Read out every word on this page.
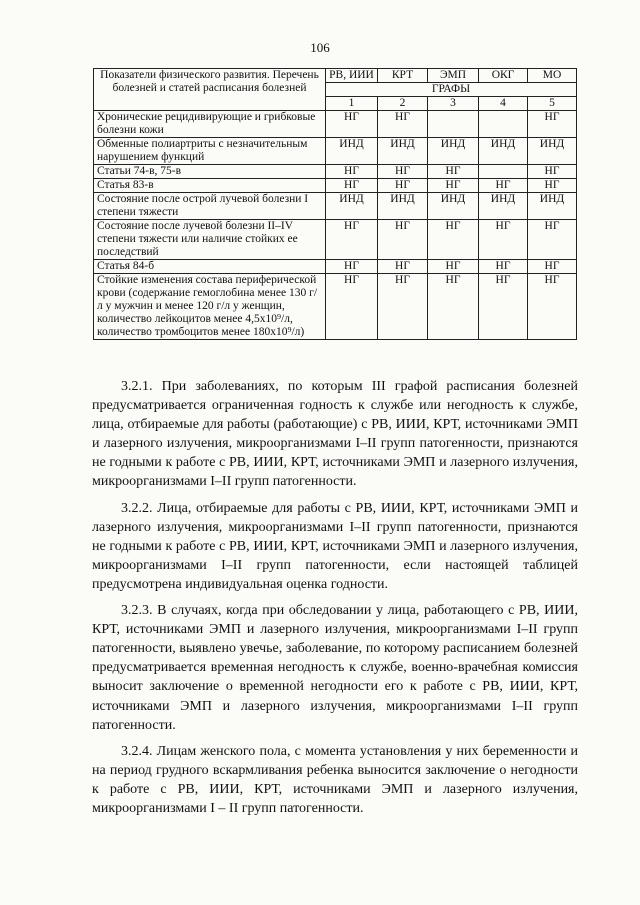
106
Показатели физического развития. Перечень болезней и статей расписания болезней	РВ, ИИИ	КРТ	ЭМП	ОКГ	МО
	ГРАФЫ				
	1	2	3	4	5
Хронические рецидивирующие и грибковые болезни кожи	НГ	НГ			НГ
Обменные полиартриты с незначительным нарушением функций	ИНД	ИНД	ИНД	ИНД	ИНД
Статьи 74-в, 75-в	НГ	НГ	НГ		НГ
Статья 83-в	НГ	НГ	НГ	НГ	НГ
Состояние после острой лучевой болезни I степени тяжести	ИНД	ИНД	ИНД	ИНД	ИНД
Состояние после лучевой болезни II–IV степени тяжести или наличие стойких ее последствий	НГ	НГ	НГ	НГ	НГ
Статья 84-б	НГ	НГ	НГ	НГ	НГ
Стойкие изменения состава периферической крови (содержание гемоглобина менее 130 г/л у мужчин и менее 120 г/л у женщин, количество лейкоцитов менее 4,5х10⁹/л, количество тромбоцитов менее 180х10⁹/л)	НГ	НГ	НГ	НГ	НГ

3.2.1. При заболеваниях, по которым III графой расписания болезней предусматривается ограниченная годность к службе или негодность к службе, лица, отбираемые для работы (работающие) с РВ, ИИИ, КРТ, источниками ЭМП и лазерного излучения, микроорганизмами I–II групп патогенности, признаются не годными к работе с РВ, ИИИ, КРТ, источниками ЭМП и лазерного излучения, микроорганизмами I–II групп патогенности.

3.2.2. Лица, отбираемые для работы с РВ, ИИИ, КРТ, источниками ЭМП и лазерного излучения, микроорганизмами I–II групп патогенности, признаются не годными к работе с РВ, ИИИ, КРТ, источниками ЭМП и лазерного излучения, микроорганизмами I–II групп патогенности, если настоящей таблицей предусмотрена индивидуальная оценка годности.

3.2.3. В случаях, когда при обследовании у лица, работающего с РВ, ИИИ, КРТ, источниками ЭМП и лазерного излучения, микроорганизмами I–II групп патогенности, выявлено увечье, заболевание, по которому расписанием болезней предусматривается временная негодность к службе, военно-врачебная комиссия выносит заключение о временной негодности его к работе с РВ, ИИИ, КРТ, источниками ЭМП и лазерного излучения, микроорганизмами I–II групп патогенности.

3.2.4. Лицам женского пола, с момента установления у них беременности и на период грудного вскармливания ребенка выносится заключение о негодности к работе с РВ, ИИИ, КРТ, источниками ЭМП и лазерного излучения, микроорганизмами I – II групп патогенности.
